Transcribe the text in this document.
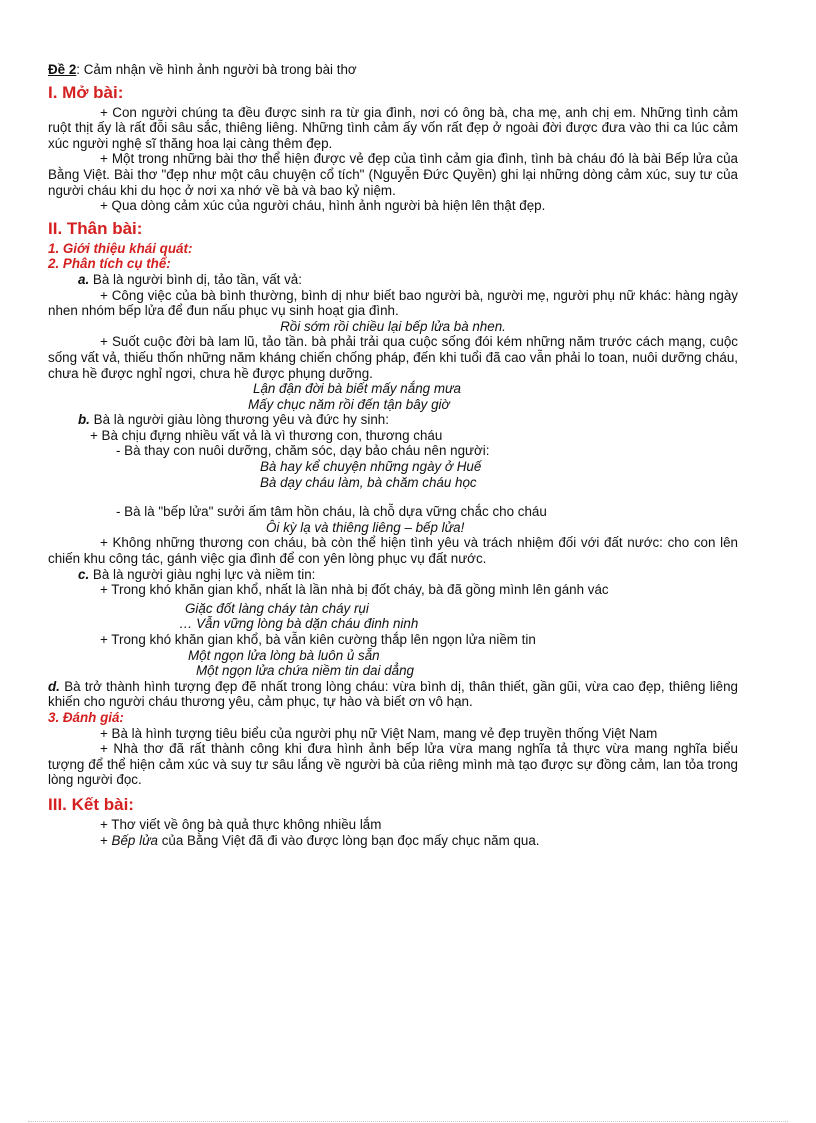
Đề 2: Cảm nhận về hình ảnh người bà trong bài thơ

I. Mở bài:

+ Con người chúng ta đều được sinh ra từ gia đình, nơi có ông bà, cha mẹ, anh chị em. Những tình cảm ruột thịt ấy là rất đỗi sâu sắc, thiêng liêng. Những tình cảm ấy vốn rất đẹp ở ngoài đời được đưa vào thi ca lúc cảm xúc người nghệ sĩ thăng hoa lại càng thêm đẹp.

+ Một trong những bài thơ thể hiện được vẻ đẹp của tình cảm gia đình, tình bà cháu đó là bài Bếp lửa của Bằng Việt. Bài thơ "đẹp như một câu chuyện cổ tích" (Nguyễn Đức Quyền) ghi lại những dòng cảm xúc, suy tư của người cháu khi du học ở nơi xa nhớ về bà và bao kỷ niệm.

+ Qua dòng cảm xúc của người cháu, hình ảnh người bà hiện lên thật đẹp.

II. Thân bài:

1. Giới thiệu khái quát:

2. Phân tích cụ thể:

a. Bà là người bình dị, tảo tần, vất vả:

+ Công việc của bà bình thường, bình dị như biết bao người bà, người mẹ, người phụ nữ khác: hàng ngày nhen nhóm bếp lửa để đun nấu phục vụ sinh hoạt gia đình.

Rồi sớm rồi chiều lại bếp lửa bà nhen.

+ Suốt cuộc đời bà lam lũ, tảo tần. bà phải trải qua cuộc sống đói kém những năm trước cách mạng, cuộc sống vất vả, thiếu thốn những năm kháng chiến chống pháp, đến khi tuổi đã cao vẫn phải lo toan, nuôi dưỡng cháu, chưa hề được nghỉ ngơi, chưa hề được phụng dưỡng.

Lận đận đời bà biết mấy nắng mưa

Mấy chục năm rồi đến tận bây giờ

b. Bà là người giàu lòng thương yêu và đức hy sinh:

+ Bà chịu đựng nhiều vất vả là vì thương con, thương cháu

- Bà thay con nuôi dưỡng, chăm sóc, dạy bảo cháu nên người:

Bà hay kể chuyện những ngày ở Huế

Bà dạy cháu làm, bà chăm cháu học

- Bà là "bếp lửa" sưởi ấm tâm hồn cháu, là chỗ dựa vững chắc cho cháu

Ôi kỳ lạ và thiêng liêng – bếp lửa!

+ Không những thương con cháu, bà còn thể hiện tình yêu và trách nhiệm đối với đất nước: cho con lên chiến khu công tác, gánh việc gia đình để con yên lòng phục vụ đất nước.

c. Bà là người giàu nghị lực và niềm tin:

+ Trong khó khăn gian khổ, nhất là lần nhà bị đốt cháy, bà đã gồng mình lên gánh vác

Giặc đốt làng cháy tàn cháy rụi

… Vẫn vững lòng bà dặn cháu đinh ninh

+ Trong khó khăn gian khổ, bà vẫn kiên cường thắp lên ngọn lửa niềm tin

Một ngọn lửa lòng bà luôn ủ sẵn

Một ngọn lửa chứa niềm tin dai dẳng

d. Bà trở thành hình tượng đẹp đẽ nhất trong lòng cháu: vừa bình dị, thân thiết, gần gũi, vừa cao đẹp, thiêng liêng khiến cho người cháu thương yêu, cảm phục, tự hào và biết ơn vô hạn.

3. Đánh giá:

+ Bà là hình tượng tiêu biểu của người phụ nữ Việt Nam, mang vẻ đẹp truyền thống Việt Nam

+ Nhà thơ đã rất thành công khi đưa hình ảnh bếp lửa vừa mang nghĩa tả thực vừa mang nghĩa biểu tượng để thể hiện cảm xúc và suy tư sâu lắng về người bà của riêng mình mà tạo được sự đồng cảm, lan tỏa trong lòng người đọc.

III. Kết bài:

+ Thơ viết về ông bà quả thực không nhiều lắm

+ Bếp lửa của Bằng Việt đã đi vào được lòng bạn đọc mấy chục năm qua.
